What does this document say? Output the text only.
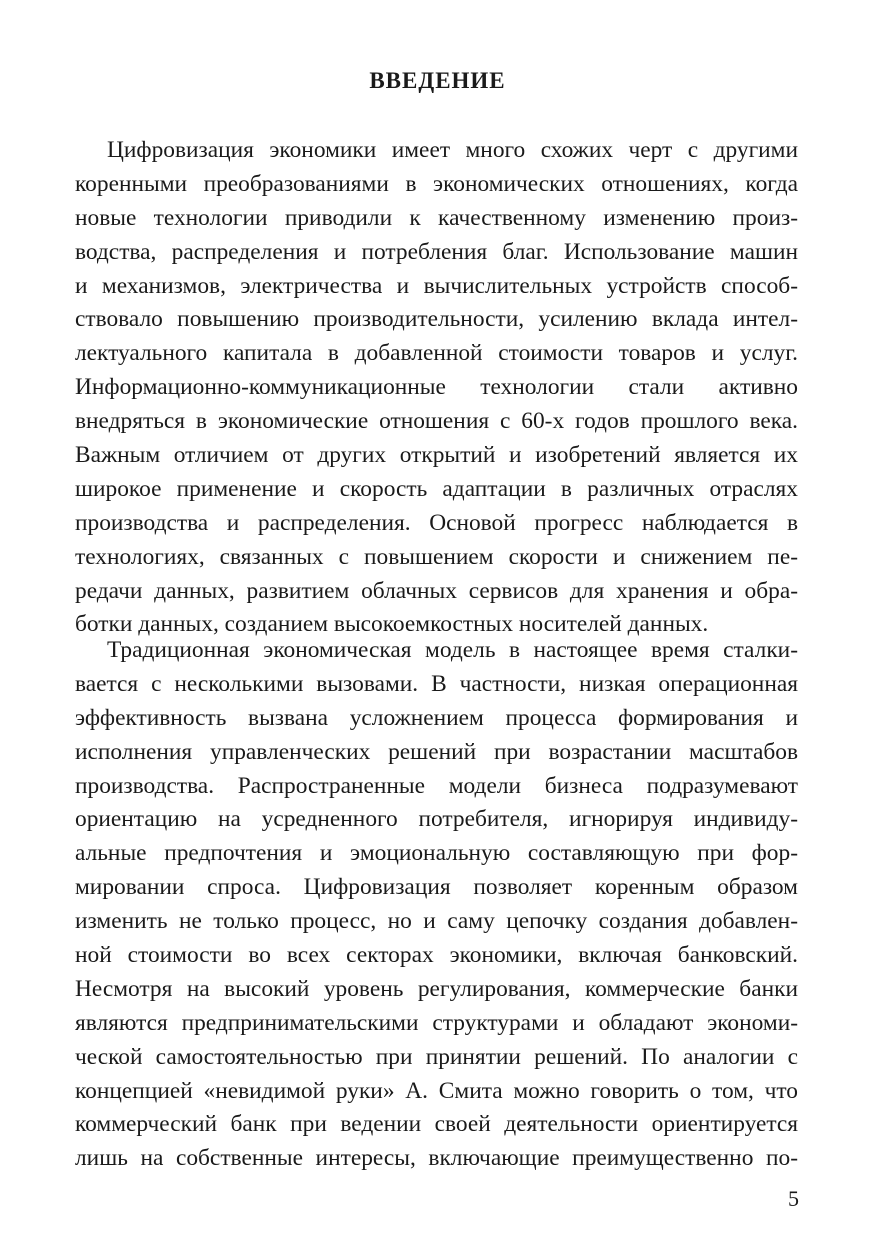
ВВЕДЕНИЕ
Цифровизация экономики имеет много схожих черт с другими
коренными преобразованиями в экономических отношениях, когда
новые технологии приводили к качественному изменению произ-
водства, распределения и потребления благ. Использование машин
и механизмов, электричества и вычислительных устройств способ-
ствовало повышению производительности, усилению вклада интел-
лектуального капитала в добавленной стоимости товаров и услуг.
Информационно-коммуникационные технологии стали активно
внедряться в экономические отношения с 60-х годов прошлого века.
Важным отличием от других открытий и изобретений является их
широкое применение и скорость адаптации в различных отраслях
производства и распределения. Основой прогресс наблюдается в
технологиях, связанных с повышением скорости и снижением пе-
редачи данных, развитием облачных сервисов для хранения и обра-
ботки данных, созданием высокоемкостных носителей данных.
Традиционная экономическая модель в настоящее время сталки-
вается с несколькими вызовами. В частности, низкая операционная
эффективность вызвана усложнением процесса формирования и
исполнения управленческих решений при возрастании масштабов
производства. Распространенные модели бизнеса подразумевают
ориентацию на усредненного потребителя, игнорируя индивиду-
альные предпочтения и эмоциональную составляющую при фор-
мировании спроса. Цифровизация позволяет коренным образом
изменить не только процесс, но и саму цепочку создания добавлен-
ной стоимости во всех секторах экономики, включая банковский.
Несмотря на высокий уровень регулирования, коммерческие банки
являются предпринимательскими структурами и обладают экономи-
ческой самостоятельностью при принятии решений. По аналогии с
концепцией «невидимой руки» А. Смита можно говорить о том, что
коммерческий банк при ведении своей деятельности ориентируется
лишь на собственные интересы, включающие преимущественно по-
5
